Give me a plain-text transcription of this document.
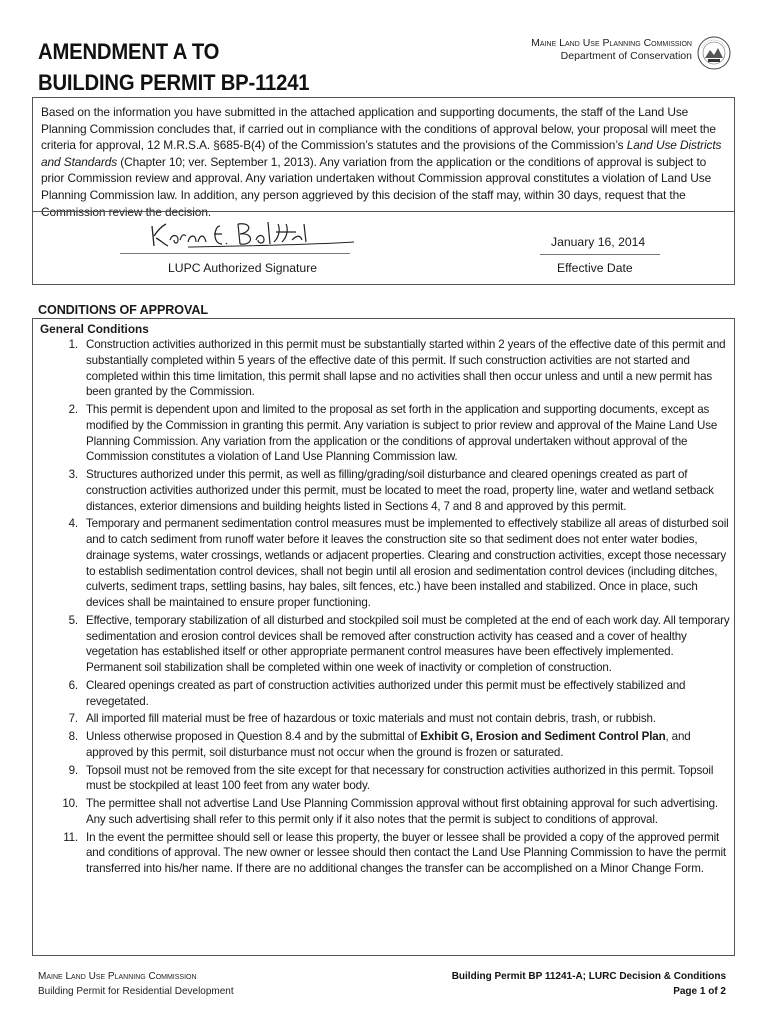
AMENDMENT A TO
BUILDING PERMIT BP-11241
Maine Land Use Planning Commission
Department of Conservation
Based on the information you have submitted in the attached application and supporting documents, the staff of the Land Use Planning Commission concludes that, if carried out in compliance with the conditions of approval below, your proposal will meet the criteria for approval, 12 M.R.S.A. §685-B(4) of the Commission’s statutes and the provisions of the Commission’s Land Use Districts and Standards (Chapter 10; ver. September 1, 2013). Any variation from the application or the conditions of approval is subject to prior Commission review and approval. Any variation undertaken without Commission approval constitutes a violation of Land Use Planning Commission law. In addition, any person aggrieved by this decision of the staff may, within 30 days, request that the Commission review the decision.
LUPC Authorized Signature
January 16, 2014
Effective Date
CONDITIONS OF APPROVAL
General Conditions
1. Construction activities authorized in this permit must be substantially started within 2 years of the effective date of this permit and substantially completed within 5 years of the effective date of this permit. If such construction activities are not started and completed within this time limitation, this permit shall lapse and no activities shall then occur unless and until a new permit has been granted by the Commission.
2. This permit is dependent upon and limited to the proposal as set forth in the application and supporting documents, except as modified by the Commission in granting this permit. Any variation is subject to prior review and approval of the Maine Land Use Planning Commission. Any variation from the application or the conditions of approval undertaken without approval of the Commission constitutes a violation of Land Use Planning Commission law.
3. Structures authorized under this permit, as well as filling/grading/soil disturbance and cleared openings created as part of construction activities authorized under this permit, must be located to meet the road, property line, water and wetland setback distances, exterior dimensions and building heights listed in Sections 4, 7 and 8 and approved by this permit.
4. Temporary and permanent sedimentation control measures must be implemented to effectively stabilize all areas of disturbed soil and to catch sediment from runoff water before it leaves the construction site so that sediment does not enter water bodies, drainage systems, water crossings, wetlands or adjacent properties. Clearing and construction activities, except those necessary to establish sedimentation control devices, shall not begin until all erosion and sedimentation control devices (including ditches, culverts, sediment traps, settling basins, hay bales, silt fences, etc.) have been installed and stabilized. Once in place, such devices shall be maintained to ensure proper functioning.
5. Effective, temporary stabilization of all disturbed and stockpiled soil must be completed at the end of each work day. All temporary sedimentation and erosion control devices shall be removed after construction activity has ceased and a cover of healthy vegetation has established itself or other appropriate permanent control measures have been effectively implemented. Permanent soil stabilization shall be completed within one week of inactivity or completion of construction.
6. Cleared openings created as part of construction activities authorized under this permit must be effectively stabilized and revegetated.
7. All imported fill material must be free of hazardous or toxic materials and must not contain debris, trash, or rubbish.
8. Unless otherwise proposed in Question 8.4 and by the submittal of Exhibit G, Erosion and Sediment Control Plan, and approved by this permit, soil disturbance must not occur when the ground is frozen or saturated.
9. Topsoil must not be removed from the site except for that necessary for construction activities authorized in this permit. Topsoil must be stockpiled at least 100 feet from any water body.
10. The permittee shall not advertise Land Use Planning Commission approval without first obtaining approval for such advertising. Any such advertising shall refer to this permit only if it also notes that the permit is subject to conditions of approval.
11. In the event the permittee should sell or lease this property, the buyer or lessee shall be provided a copy of the approved permit and conditions of approval. The new owner or lessee should then contact the Land Use Planning Commission to have the permit transferred into his/her name. If there are no additional changes the transfer can be accomplished on a Minor Change Form.
Maine Land Use Planning Commission
Building Permit for Residential Development
Building Permit BP 11241-A; LURC Decision & Conditions
Page 1 of 2
